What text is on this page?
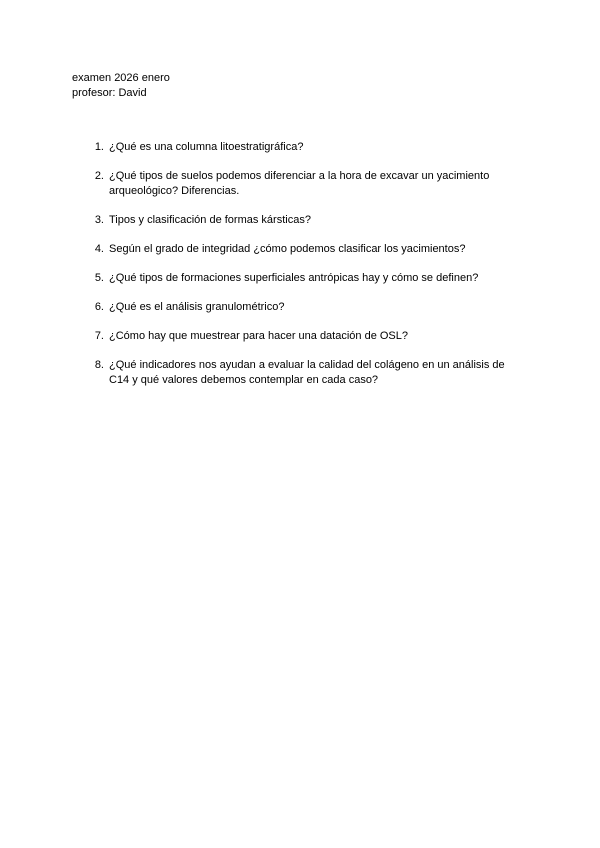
examen 2026 enero
profesor: David
1. ¿Qué es una columna litoestratigráfica?
2. ¿Qué tipos de suelos podemos diferenciar a la hora de excavar un yacimiento arqueológico? Diferencias.
3. Tipos y clasificación de formas kársticas?
4. Según el grado de integridad ¿cómo podemos clasificar los yacimientos?
5. ¿Qué tipos de formaciones superficiales antrópicas hay y cómo se definen?
6. ¿Qué es el análisis granulométrico?
7. ¿Cómo hay que muestrear para hacer una datación de OSL?
8. ¿Qué indicadores nos ayudan a evaluar la calidad del colágeno en un análisis de C14 y qué valores debemos contemplar en cada caso?
